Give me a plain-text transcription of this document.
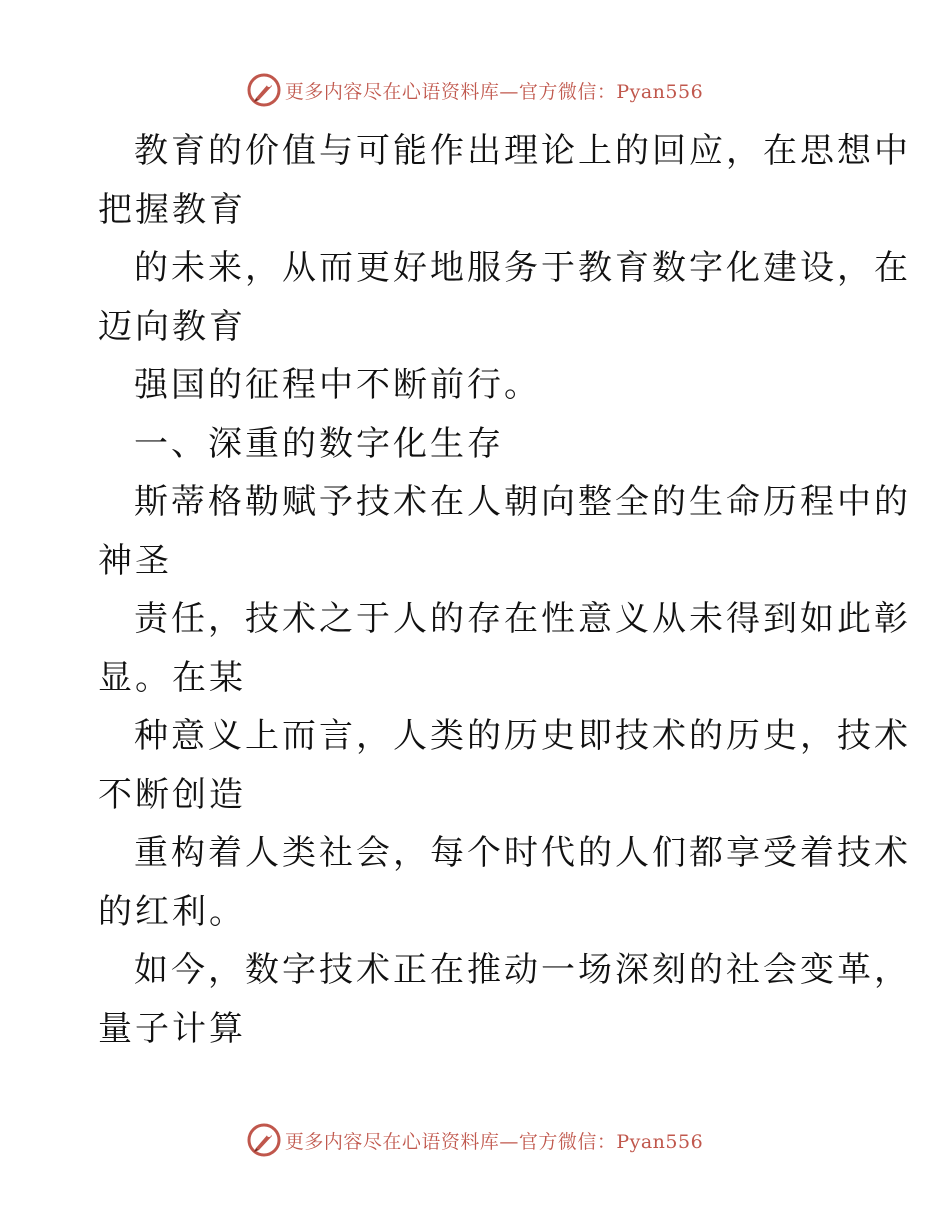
更多内容尽在心语资料库—官方微信：Pyan556
教育的价值与可能作出理论上的回应，在思想中
把握教育
的未来，从而更好地服务于教育数字化建设，在
迈向教育
强国的征程中不断前行。
一、深重的数字化生存
斯蒂格勒赋予技术在人朝向整全的生命历程中的
神圣
责任，技术之于人的存在性意义从未得到如此彰
显。在某
种意义上而言，人类的历史即技术的历史，技术
不断创造
重构着人类社会，每个时代的人们都享受着技术
的红利。
如今，数字技术正在推动一场深刻的社会变革，
量子计算
更多内容尽在心语资料库—官方微信：Pyan556
